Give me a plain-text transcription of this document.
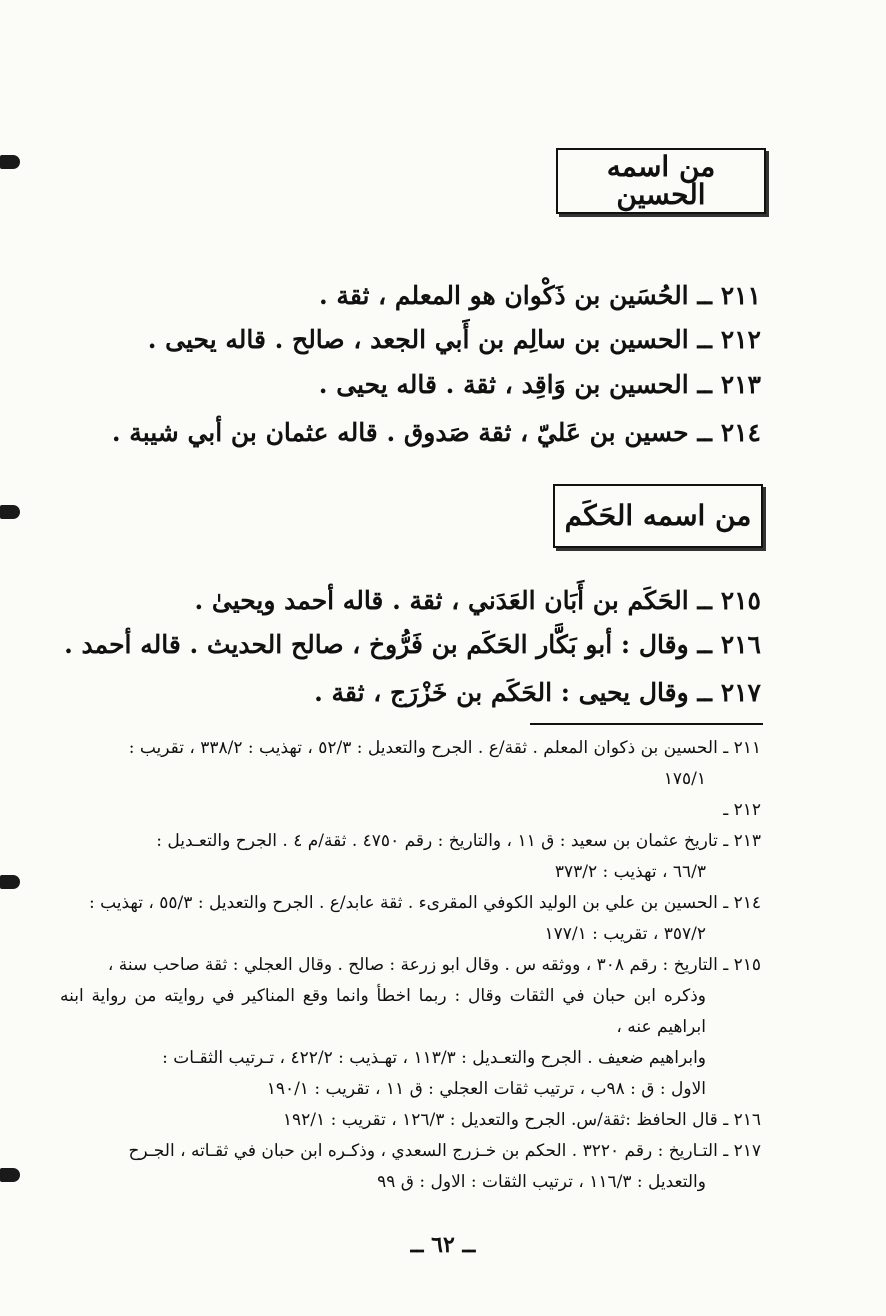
من اسمه الحسين
٢١١ ــ الحُسَين بن ذَكْوان هو المعلم ، ثقة .
٢١٢ ــ الحسين بن سالِم بن أَبي الجعد ، صالح . قاله يحيى .
٢١٣ ــ الحسين بن وَاقِد ، ثقة . قاله يحيى .
٢١٤ ــ حسين بن عَليّ ، ثقة صَدوق . قاله عثمان بن أبي شيبة .
من اسمه الحَكَم
٢١٥ ــ الحَكَم بن أَبَان العَدَني ، ثقة . قاله أحمد ويحيىٰ .
٢١٦ ــ وقال : أبو بَكَّار الحَكَم بن فَرُّوخ ، صالح الحديث . قاله أحمد .
٢١٧ ــ وقال يحيى : الحَكَم بن خَزْرَج ، ثقة .

٢١١ ـ الحسين بن ذكوان المعلم . ثقة/ع . الجرح والتعديل : ٥٢/٣ ، تهذيب : ٣٣٨/٢ ، تقريب :
١٧٥/١

٢١٢ ـ

٢١٣ ـ تاريخ عثمان بن سعيد : ق ١١ ، والتاريخ : رقم ٤٧٥٠ . ثقة/م ٤ . الجرح والتعـديل :
٦٦/٣ ، تهذيب : ٣٧٣/٢

٢١٤ ـ الحسين بن علي بن الوليد الكوفي المقرىء . ثقة عابد/ع . الجرح والتعديل : ٥٥/٣ ، تهذيب :
٣٥٧/٢ ، تقريب : ١٧٧/١

٢١٥ ـ التاريخ : رقم ٣٠٨ ، ووثقه س . وقال ابو زرعة : صالح . وقال العجلي : ثقة صاحب سنة ،
وذكره ابن حبان في الثقات وقال : ربما اخطأ وانما وقع المناكير في روايته من رواية ابنه ابراهيم عنه ،
وابراهيم ضعيف . الجرح والتعـديل : ١١٣/٣ ، تهـذيب : ٤٢٢/٢ ، تـرتيب الثقـات :
الاول : ق : ٩٨ب ، ترتيب ثقات العجلي : ق ١١ ، تقريب : ١٩٠/١

٢١٦ ـ قال الحافظ :ثقة/س. الجرح والتعديل : ١٢٦/٣ ، تقريب : ١٩٢/١

٢١٧ ـ التـاريخ : رقم ٣٢٢٠ . الحكم بن خـزرج السعدي ، وذكـره ابن حبان في ثقـاته ، الجـرح
والتعديل : ١١٦/٣ ، ترتيب الثقات : الاول : ق ٩٩

ــ ٦٢ ــ
